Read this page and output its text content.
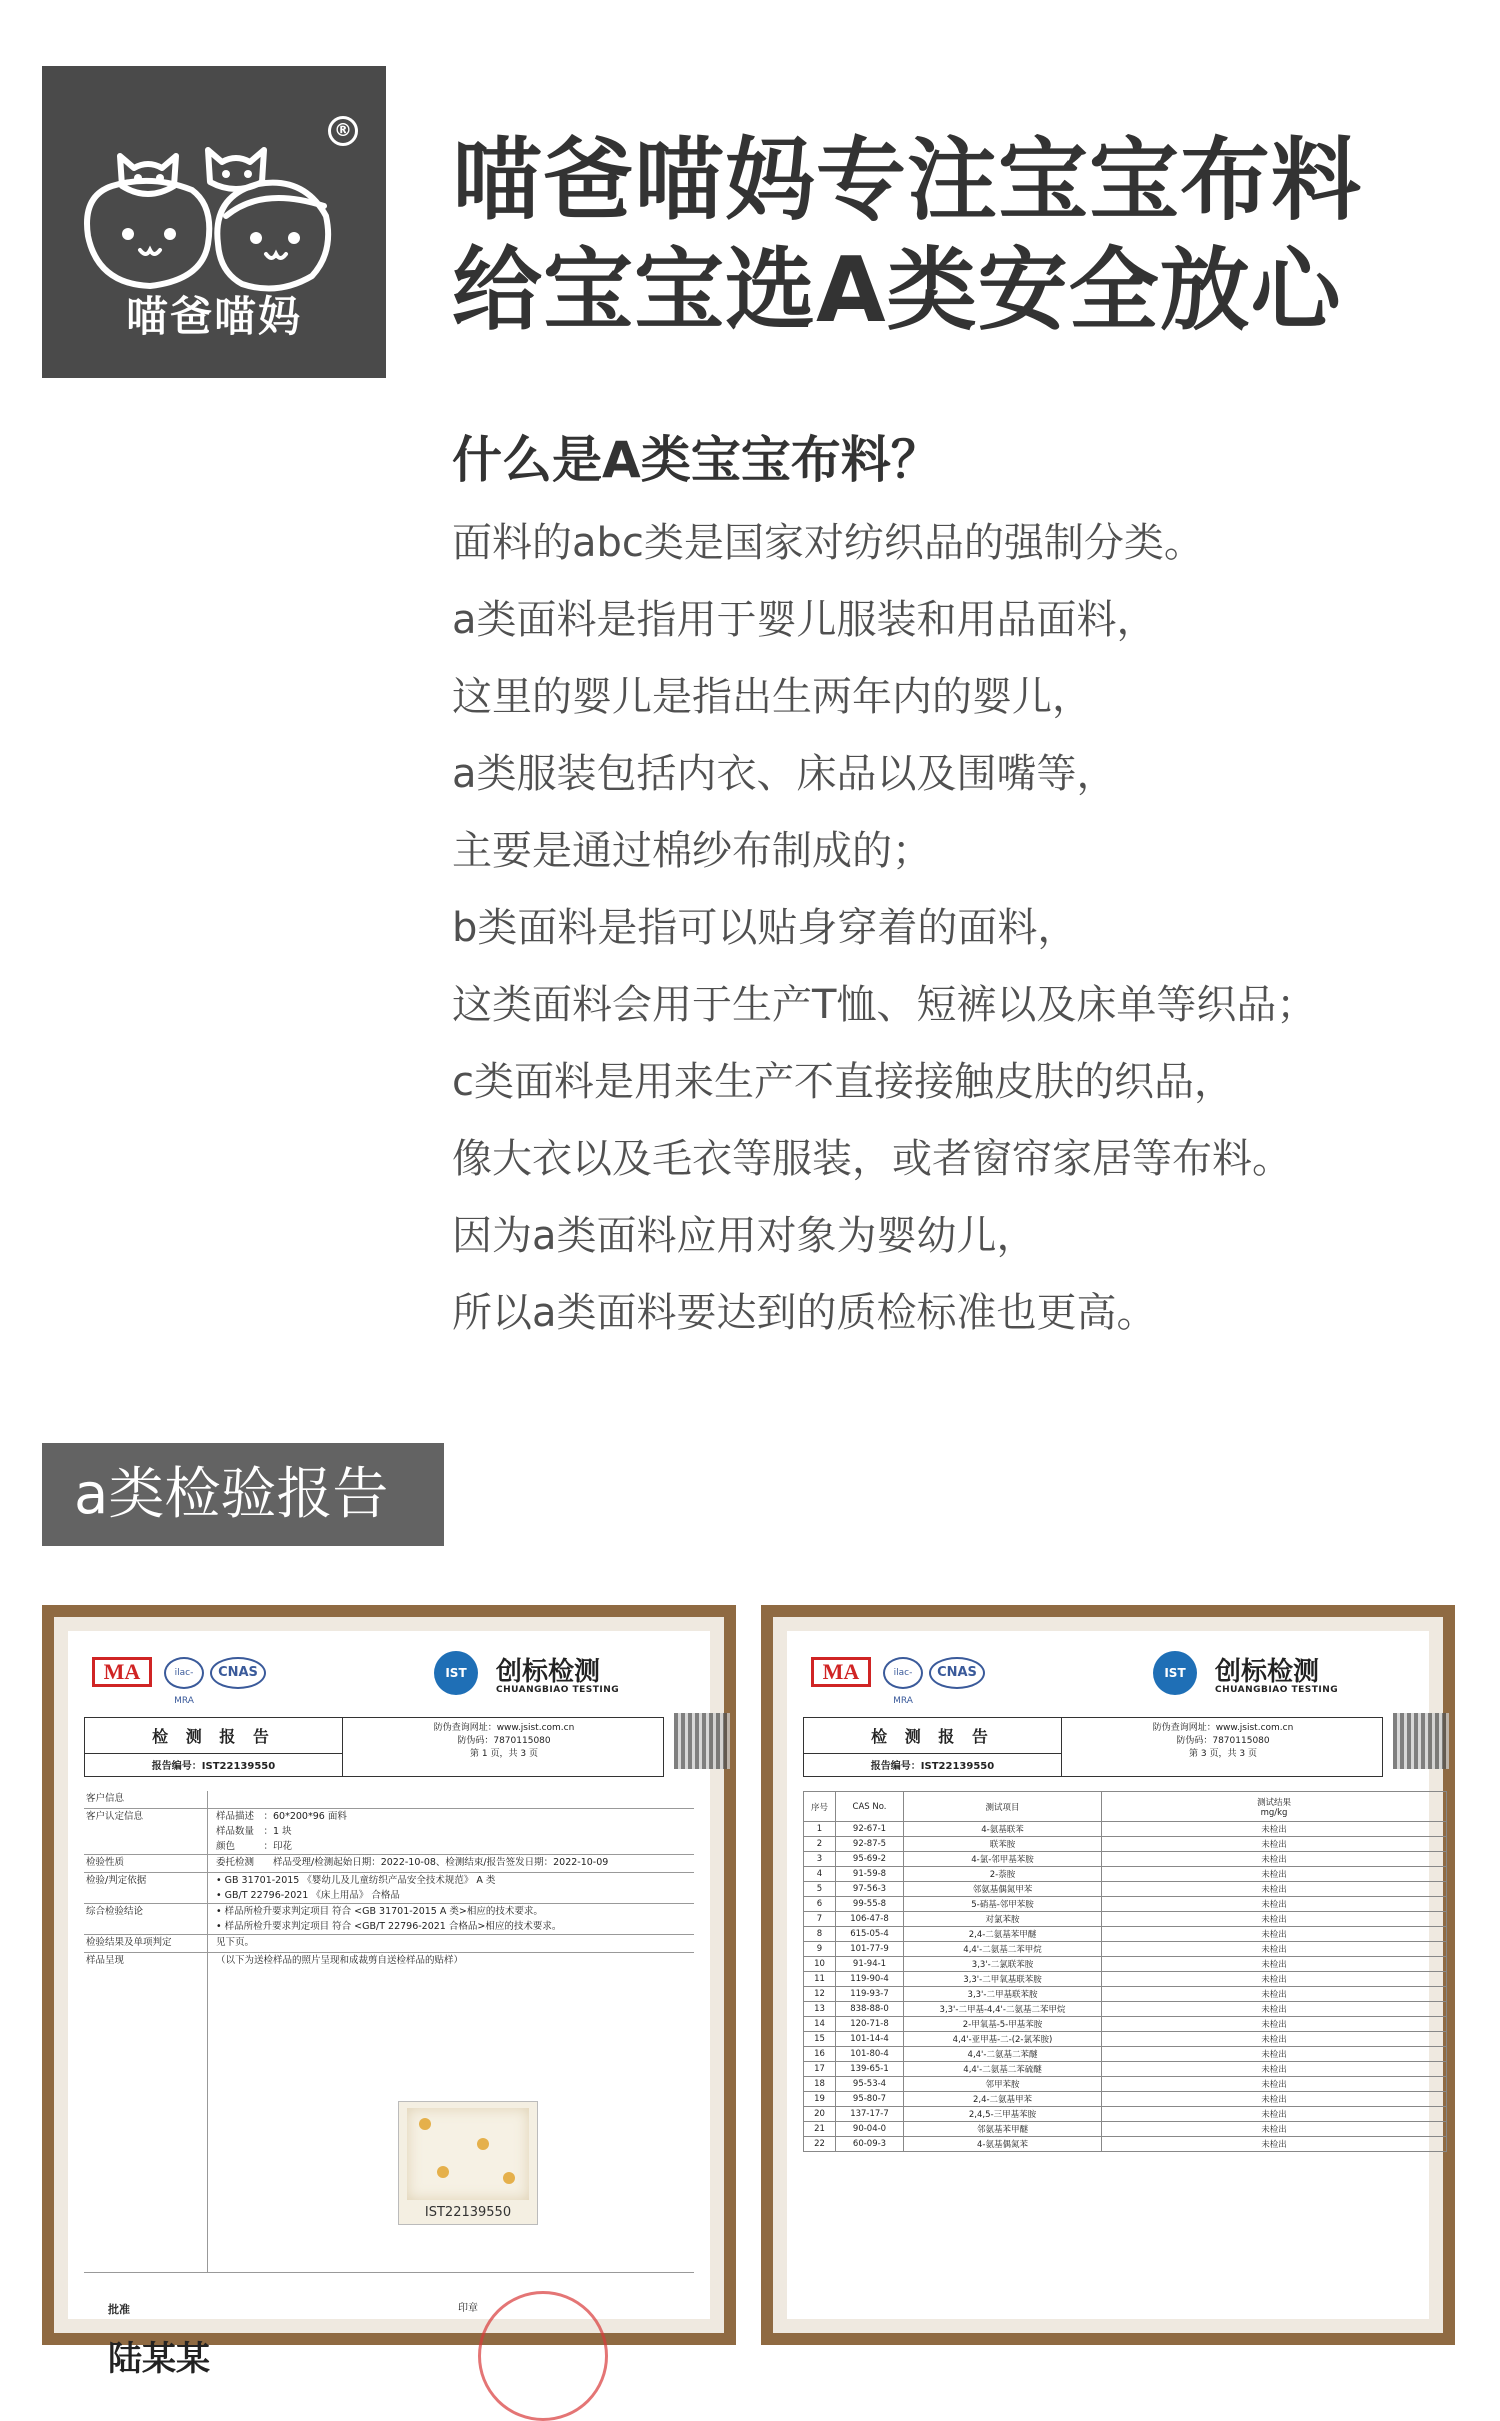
®
喵爸喵妈
喵爸喵妈专注宝宝布料
给宝宝选A类安全放心
什么是A类宝宝布料？
面料的abc类是国家对纺织品的强制分类。
a类面料是指用于婴儿服装和用品面料，
这里的婴儿是指出生两年内的婴儿，
a类服装包括内衣、床品以及围嘴等，
主要是通过棉纱布制成的；
b类面料是指可以贴身穿着的面料，
这类面料会用于生产T恤、短裤以及床单等织品；
c类面料是用来生产不直接接触皮肤的织品，
像大衣以及毛衣等服装，或者窗帘家居等布料。
因为a类面料应用对象为婴幼儿，
所以a类面料要达到的质检标准也更高。
a类检验报告
MA	ilac-MRA
CNAS	IST	创标检测
CHUANGBIAO TESTING
检 测 报 告
报告编号：IST22139550
防伪查询网址：www.jsist.com.cn
防伪码：7870115080
第 1 页，共 3 页
客户信息
客户认定信息	样品描述　：60*200*96 面料
样品数量　：1 块
颜色　　　：印花
检验性质	委托检测　　样品受理/检测起始日期：2022-10-08、检测结束/报告签发日期：2022-10-09
检验/判定依据	• GB 31701-2015 《婴幼儿及儿童纺织产品安全技术规范》 A 类
• GB/T 22796-2021 《床上用品》 合格品
综合检验结论	• 样品所检升要求判定项目 符合 <GB 31701-2015 A 类>相应的技术要求。
• 样品所检升要求判定项目 符合 <GB/T 22796-2021 合格品>相应的技术要求。
检验结果及单项判定	见下页。
样品呈现	（以下为送检样品的照片呈现和成裁剪自送检样品的贴样）
IST22139550
批准
陆某某
印章
MA	ilac-MRA
CNAS	IST	创标检测
CHUANGBIAO TESTING
检 测 报 告
报告编号：IST22139550
防伪查询网址：www.jsist.com.cn
防伪码：7870115080
第 3 页，共 3 页
序号	CAS No.	测试项目	测试结果
mg/kg
1	92-67-1	4-氨基联苯	未检出
2	92-87-5	联苯胺	未检出
3	95-69-2	4-氯-邻甲基苯胺	未检出
4	91-59-8	2-萘胺	未检出
5	97-56-3	邻氨基偶氮甲苯	未检出
6	99-55-8	5-硝基-邻甲苯胺	未检出
7	106-47-8	对氯苯胺	未检出
8	615-05-4	2,4-二氨基苯甲醚	未检出
9	101-77-9	4,4'-二氨基二苯甲烷	未检出
10	91-94-1	3,3'-二氯联苯胺	未检出
11	119-90-4	3,3'-二甲氧基联苯胺	未检出
12	119-93-7	3,3'-二甲基联苯胺	未检出
13	838-88-0	3,3'-二甲基-4,4'-二氨基二苯甲烷	未检出
14	120-71-8	2-甲氧基-5-甲基苯胺	未检出
15	101-14-4	4,4'-亚甲基-二-(2-氯苯胺)	未检出
16	101-80-4	4,4'-二氨基二苯醚	未检出
17	139-65-1	4,4'-二氨基二苯硫醚	未检出
18	95-53-4	邻甲苯胺	未检出
19	95-80-7	2,4-二氨基甲苯	未检出
20	137-17-7	2,4,5-三甲基苯胺	未检出
21	90-04-0	邻氨基苯甲醚	未检出
22	60-09-3	4-氨基偶氮苯	未检出
